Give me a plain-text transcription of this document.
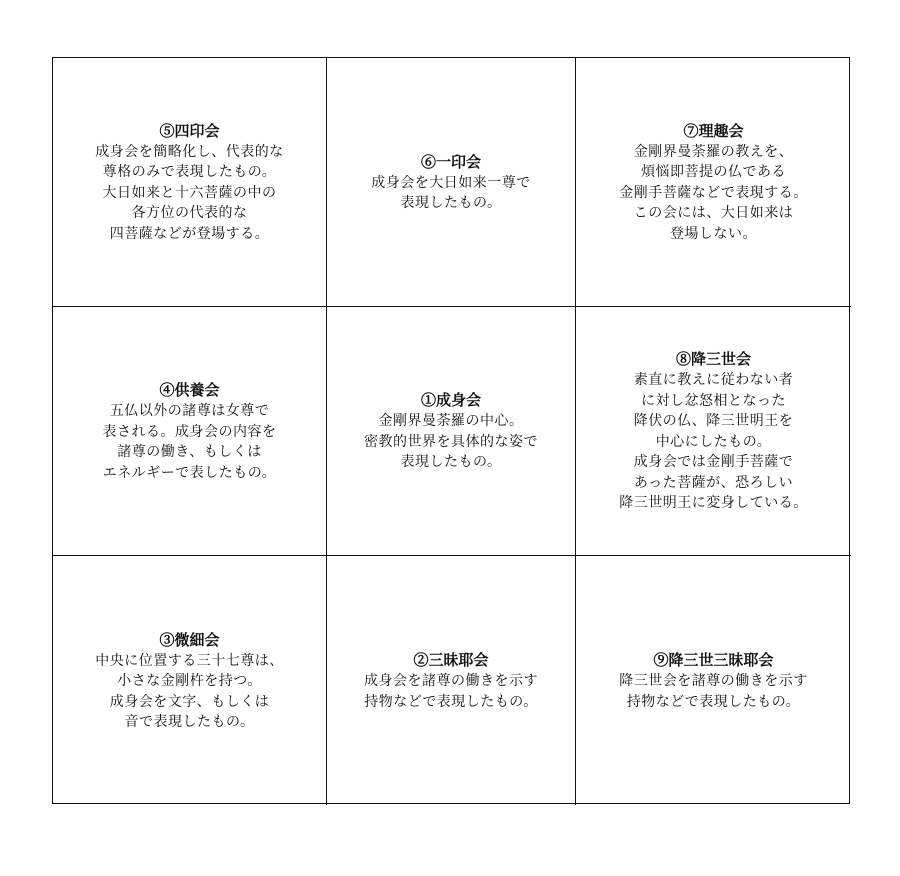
⑤四印会

成身会を簡略化し、代表的な

尊格のみで表現したもの。

大日如来と十六菩薩の中の

各方位の代表的な

四菩薩などが登場する。

⑥一印会

成身会を大日如来一尊で

表現したもの。

⑦理趣会

金剛界曼荼羅の教えを、

煩悩即菩提の仏である

金剛手菩薩などで表現する。

この会には、大日如来は

登場しない。

④供養会

五仏以外の諸尊は女尊で

表される。成身会の内容を

諸尊の働き、もしくは

エネルギーで表したもの。

①成身会

金剛界曼荼羅の中心。

密教的世界を具体的な姿で

表現したもの。

⑧降三世会

素直に教えに従わない者

に対し忿怒相となった

降伏の仏、降三世明王を

中心にしたもの。

成身会では金剛手菩薩で

あった菩薩が、恐ろしい

降三世明王に変身している。

③微細会

中央に位置する三十七尊は、

小さな金剛杵を持つ。

成身会を文字、もしくは

音で表現したもの。

②三昧耶会

成身会を諸尊の働きを示す

持物などで表現したもの。

⑨降三世三昧耶会

降三世会を諸尊の働きを示す

持物などで表現したもの。
